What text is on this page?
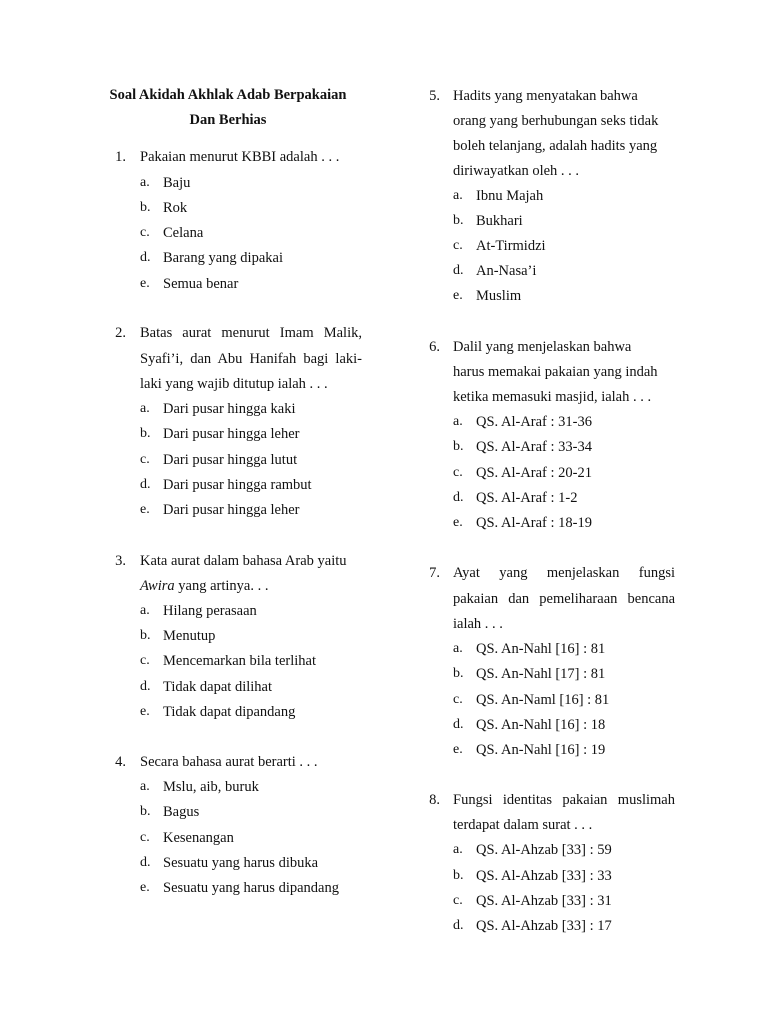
Soal Akidah Akhlak Adab Berpakaian
Dan Berhias
1. Pakaian menurut KBBI adalah . . .
a. Baju
b. Rok
c. Celana
d. Barang yang dipakai
e. Semua benar
2. Batas aurat menurut Imam Malik,
Syafi’i, dan Abu Hanifah bagi laki-
laki yang wajib ditutup ialah . . .
a. Dari pusar hingga kaki
b. Dari pusar hingga leher
c. Dari pusar hingga lutut
d. Dari pusar hingga rambut
e. Dari pusar hingga leher
3. Kata aurat dalam bahasa Arab yaitu
Awira yang artinya. . .
a. Hilang perasaan
b. Menutup
c. Mencemarkan bila terlihat
d. Tidak dapat dilihat
e. Tidak dapat dipandang
4. Secara bahasa aurat berarti . . .
a. Mslu, aib, buruk
b. Bagus
c. Kesenangan
d. Sesuatu yang harus dibuka
e. Sesuatu yang harus dipandang
5. Hadits yang menyatakan bahwa
orang yang berhubungan seks tidak
boleh telanjang, adalah hadits yang
diriwayatkan oleh . . .
a. Ibnu Majah
b. Bukhari
c. At-Tirmidzi
d. An-Nasa’i
e. Muslim
6. Dalil yang menjelaskan bahwa
harus memakai pakaian yang indah
ketika memasuki masjid, ialah . . .
a. QS. Al-Araf : 31-36
b. QS. Al-Araf : 33-34
c. QS. Al-Araf : 20-21
d. QS. Al-Araf : 1-2
e. QS. Al-Araf : 18-19
7. Ayat yang menjelaskan fungsi
pakaian dan pemeliharaan bencana
ialah . . .
a. QS. An-Nahl [16] : 81
b. QS. An-Nahl [17] : 81
c. QS. An-Naml [16] : 81
d. QS. An-Nahl [16] : 18
e. QS. An-Nahl [16] : 19
8. Fungsi identitas pakaian muslimah
terdapat dalam surat . . .
a. QS. Al-Ahzab [33] : 59
b. QS. Al-Ahzab [33] : 33
c. QS. Al-Ahzab [33] : 31
d. QS. Al-Ahzab [33] : 17
